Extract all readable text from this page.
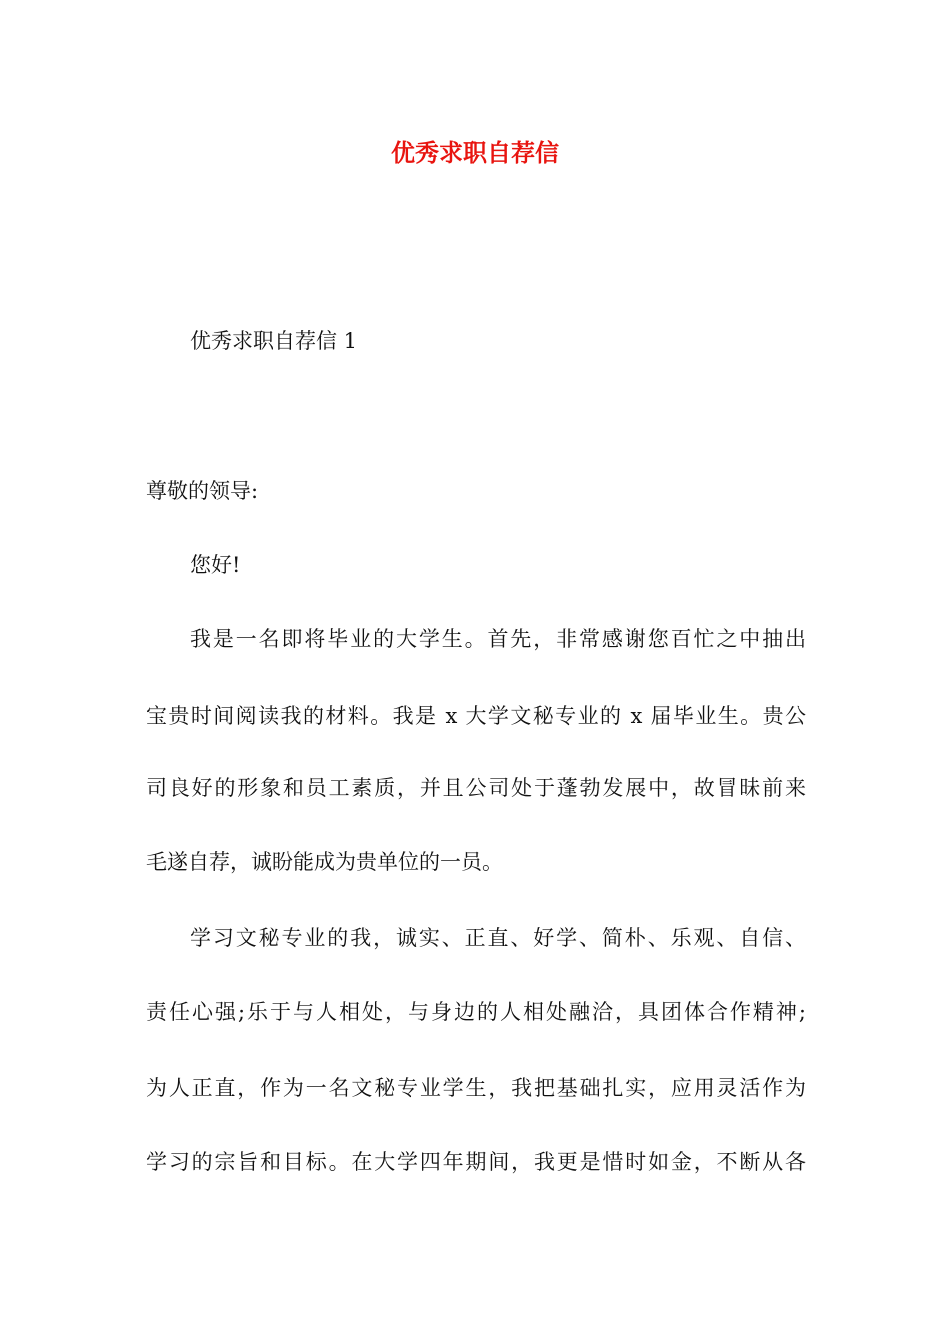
优秀求职自荐信
优秀求职自荐信 1
尊敬的领导:
您好!
我是一名即将毕业的大学生。首先，非常感谢您百忙之中抽出
宝贵时间阅读我的材料。我是 x 大学文秘专业的 x 届毕业生。贵公
司良好的形象和员工素质，并且公司处于蓬勃发展中，故冒昧前来
毛遂自荐，诚盼能成为贵单位的一员。
学习文秘专业的我，诚实、正直、好学、简朴、乐观、自信、
责任心强;乐于与人相处，与身边的人相处融洽，具团体合作精神;
为人正直，作为一名文秘专业学生，我把基础扎实，应用灵活作为
学习的宗旨和目标。在大学四年期间，我更是惜时如金，不断从各
